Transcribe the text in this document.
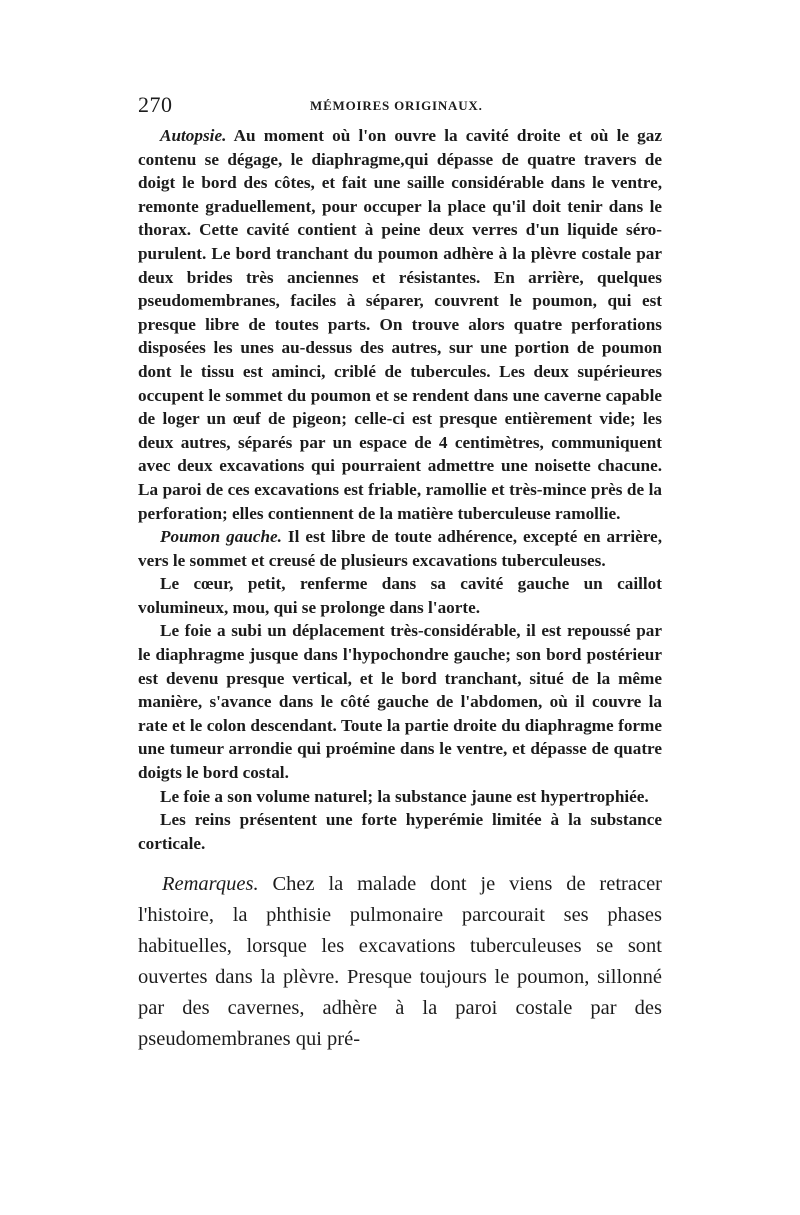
270	MÉMOIRES ORIGINAUX.

Autopsie. Au moment où l'on ouvre la cavité droite et où le gaz contenu se dégage, le diaphragme,qui dépasse de quatre travers de doigt le bord des côtes, et fait une saille considérable dans le ventre, remonte graduellement, pour occuper la place qu'il doit tenir dans le thorax. Cette cavité contient à peine deux verres d'un liquide séro-purulent. Le bord tranchant du poumon adhère à la plèvre costale par deux brides très anciennes et résistantes. En arrière, quelques pseudomembranes, faciles à séparer, couvrent le poumon, qui est presque libre de toutes parts. On trouve alors quatre perforations disposées les unes au-dessus des autres, sur une portion de poumon dont le tissu est aminci, criblé de tubercules. Les deux supérieures occupent le sommet du poumon et se rendent dans une caverne capable de loger un œuf de pigeon; celle-ci est presque entièrement vide; les deux autres, séparés par un espace de 4 centimètres, communiquent avec deux excavations qui pourraient admettre une noisette chacune. La paroi de ces excavations est friable, ramollie et très-mince près de la perforation; elles contiennent de la matière tuberculeuse ramollie.

Poumon gauche. Il est libre de toute adhérence, excepté en arrière, vers le sommet et creusé de plusieurs excavations tuberculeuses.

Le cœur, petit, renferme dans sa cavité gauche un caillot volumineux, mou, qui se prolonge dans l'aorte.

Le foie a subi un déplacement très-considérable, il est repoussé par le diaphragme jusque dans l'hypochondre gauche; son bord postérieur est devenu presque vertical, et le bord tranchant, situé de la même manière, s'avance dans le côté gauche de l'abdomen, où il couvre la rate et le colon descendant. Toute la partie droite du diaphragme forme une tumeur arrondie qui proémine dans le ventre, et dépasse de quatre doigts le bord costal.

Le foie a son volume naturel; la substance jaune est hypertrophiée.

Les reins présentent une forte hyperémie limitée à la substance corticale.

Remarques. Chez la malade dont je viens de retracer l'histoire, la phthisie pulmonaire parcourait ses phases habituelles, lorsque les excavations tuberculeuses se sont ouvertes dans la plèvre. Presque toujours le poumon, sillonné par des cavernes, adhère à la paroi costale par des pseudomembranes qui pré-
